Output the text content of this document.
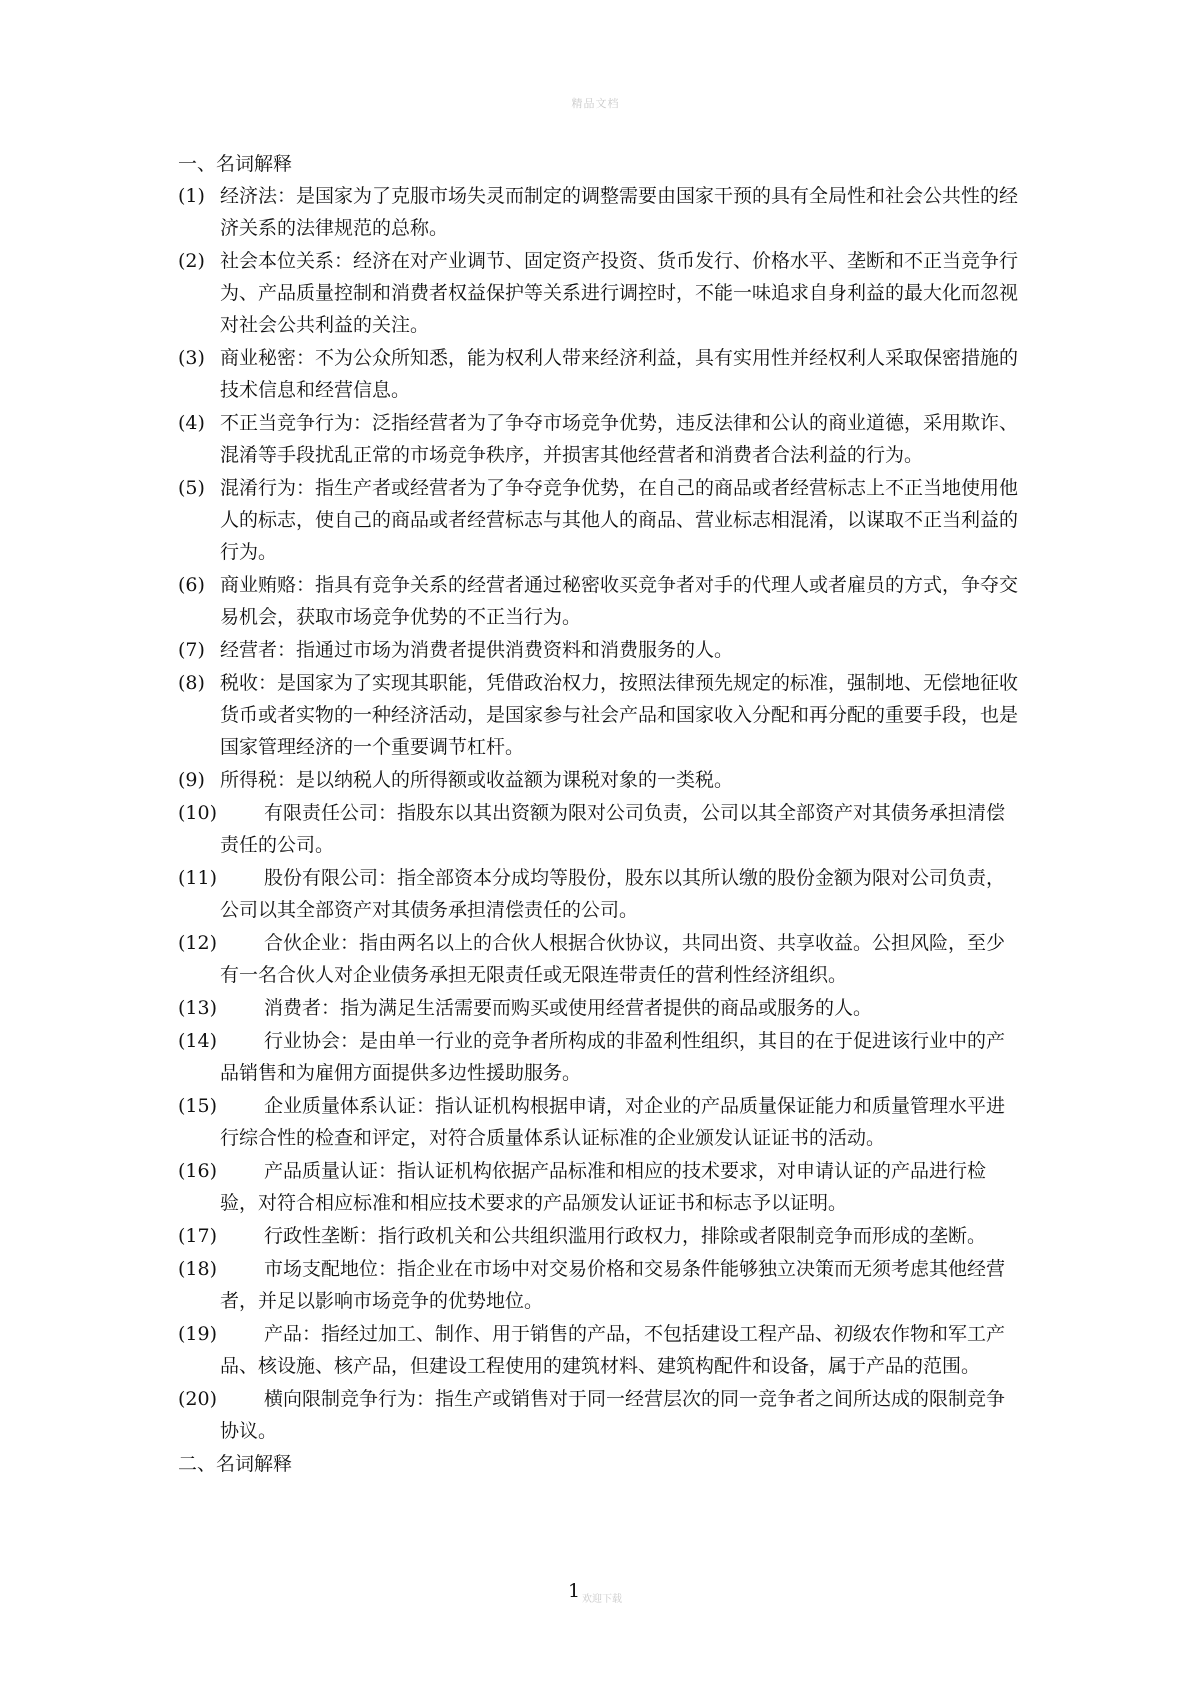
精品文档
一、名词解释
(1) 经济法：是国家为了克服市场失灵而制定的调整需要由国家干预的具有全局性和社会公共性的经济关系的法律规范的总称。
(2) 社会本位关系：经济在对产业调节、固定资产投资、货币发行、价格水平、垄断和不正当竞争行为、产品质量控制和消费者权益保护等关系进行调控时，不能一味追求自身利益的最大化而忽视对社会公共利益的关注。
(3) 商业秘密：不为公众所知悉，能为权利人带来经济利益，具有实用性并经权利人采取保密措施的技术信息和经营信息。
(4) 不正当竞争行为：泛指经营者为了争夺市场竞争优势，违反法律和公认的商业道德，采用欺诈、混淆等手段扰乱正常的市场竞争秩序，并损害其他经营者和消费者合法利益的行为。
(5) 混淆行为：指生产者或经营者为了争夺竞争优势，在自己的商品或者经营标志上不正当地使用他人的标志，使自己的商品或者经营标志与其他人的商品、营业标志相混淆，以谋取不正当利益的行为。
(6) 商业贿赂：指具有竞争关系的经营者通过秘密收买竞争者对手的代理人或者雇员的方式，争夺交易机会，获取市场竞争优势的不正当行为。
(7) 经营者：指通过市场为消费者提供消费资料和消费服务的人。
(8) 税收：是国家为了实现其职能，凭借政治权力，按照法律预先规定的标准，强制地、无偿地征收货币或者实物的一种经济活动，是国家参与社会产品和国家收入分配和再分配的重要手段，也是国家管理经济的一个重要调节杠杆。
(9) 所得税：是以纳税人的所得额或收益额为课税对象的一类税。
(10)	有限责任公司：指股东以其出资额为限对公司负责，公司以其全部资产对其债务承担清偿责任的公司。
(11)	股份有限公司：指全部资本分成均等股份，股东以其所认缴的股份金额为限对公司负责，公司以其全部资产对其债务承担清偿责任的公司。
(12)	合伙企业：指由两名以上的合伙人根据合伙协议，共同出资、共享收益。公担风险，至少有一名合伙人对企业债务承担无限责任或无限连带责任的营利性经济组织。
(13)	消费者：指为满足生活需要而购买或使用经营者提供的商品或服务的人。
(14)	行业协会：是由单一行业的竞争者所构成的非盈利性组织，其目的在于促进该行业中的产品销售和为雇佣方面提供多边性援助服务。
(15)	企业质量体系认证：指认证机构根据申请，对企业的产品质量保证能力和质量管理水平进行综合性的检查和评定，对符合质量体系认证标准的企业颁发认证证书的活动。
(16)	产品质量认证：指认证机构依据产品标准和相应的技术要求，对申请认证的产品进行检验，对符合相应标准和相应技术要求的产品颁发认证证书和标志予以证明。
(17)	行政性垄断：指行政机关和公共组织滥用行政权力，排除或者限制竞争而形成的垄断。
(18)	市场支配地位：指企业在市场中对交易价格和交易条件能够独立决策而无须考虑其他经营者，并足以影响市场竞争的优势地位。
(19)	产品：指经过加工、制作、用于销售的产品，不包括建设工程产品、初级农作物和军工产品、核设施、核产品，但建设工程使用的建筑材料、建筑构配件和设备，属于产品的范围。
(20)	横向限制竞争行为：指生产或销售对于同一经营层次的同一竞争者之间所达成的限制竞争协议。
二、名词解释
1 欢迎下载
